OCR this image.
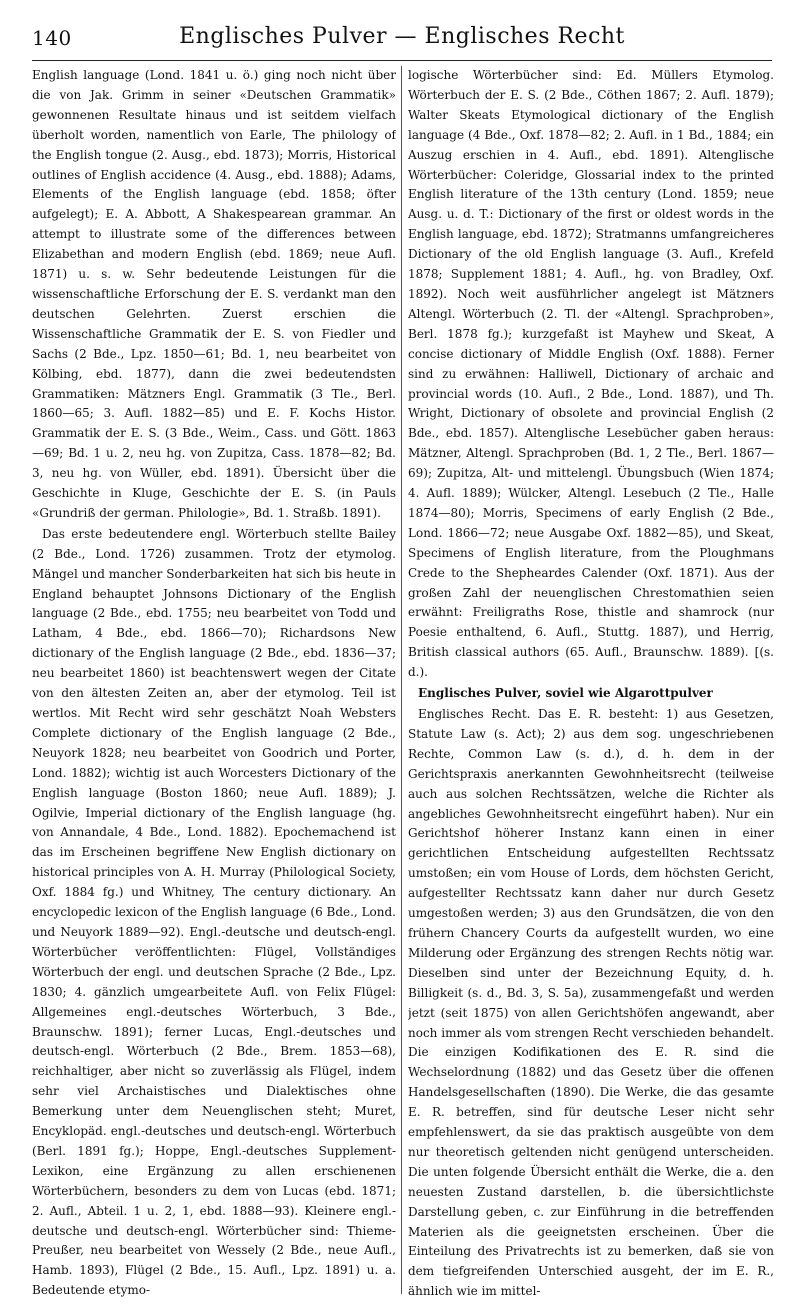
140	Englisches Pulver — Englisches Recht

English language (Lond. 1841 u. ö.) ging noch nicht über die von Jak. Grimm in seiner «Deutschen Grammatik» gewonnenen Resultate hinaus und ist seitdem vielfach überholt worden, namentlich von Earle, The philology of the English tongue (2. Ausg., ebd. 1873); Morris, Historical outlines of English accidence (4. Ausg., ebd. 1888); Adams, Elements of the English language (ebd. 1858; öfter aufgelegt); E. A. Abbott, A Shakespearean grammar. An attempt to illustrate some of the differences between Elizabethan and modern English (ebd. 1869; neue Aufl. 1871) u. s. w. Sehr bedeutende Leistungen für die wissenschaftliche Erforschung der E. S. verdankt man den deutschen Gelehrten. Zuerst erschien die Wissenschaftliche Grammatik der E. S. von Fiedler und Sachs (2 Bde., Lpz. 1850—61; Bd. 1, neu bearbeitet von Kölbing, ebd. 1877), dann die zwei bedeutendsten Grammatiken: Mätzners Engl. Grammatik (3 Tle., Berl. 1860—65; 3. Aufl. 1882—85) und E. F. Kochs Histor. Grammatik der E. S. (3 Bde., Weim., Cass. und Gött. 1863—69; Bd. 1 u. 2, neu hg. von Zupitza, Cass. 1878—82; Bd. 3, neu hg. von Wüller, ebd. 1891). Übersicht über die Geschichte in Kluge, Geschichte der E. S. (in Pauls «Grundriß der german. Philologie», Bd. 1. Straßb. 1891).

Das erste bedeutendere engl. Wörterbuch stellte Bailey (2 Bde., Lond. 1726) zusammen. Trotz der etymolog. Mängel und mancher Sonderbarkeiten hat sich bis heute in England behauptet Johnsons Dictionary of the English language (2 Bde., ebd. 1755; neu bearbeitet von Todd und Latham, 4 Bde., ebd. 1866—70); Richardsons New dictionary of the English language (2 Bde., ebd. 1836—37; neu bearbeitet 1860) ist beachtenswert wegen der Citate von den ältesten Zeiten an, aber der etymolog. Teil ist wertlos. Mit Recht wird sehr geschätzt Noah Websters Complete dictionary of the English language (2 Bde., Neuyork 1828; neu bearbeitet von Goodrich und Porter, Lond. 1882); wichtig ist auch Worcesters Dictionary of the English language (Boston 1860; neue Aufl. 1889); J. Ogilvie, Imperial dictionary of the English language (hg. von Annandale, 4 Bde., Lond. 1882). Epochemachend ist das im Erscheinen begriffene New English dictionary on historical principles von A. H. Murray (Philological Society, Oxf. 1884 fg.) und Whitney, The century dictionary. An encyclopedic lexicon of the English language (6 Bde., Lond. und Neuyork 1889—92). Engl.-deutsche und deutsch-engl. Wörterbücher veröffentlichten: Flügel, Vollständiges Wörterbuch der engl. und deutschen Sprache (2 Bde., Lpz. 1830; 4. gänzlich umgearbeitete Aufl. von Felix Flügel: Allgemeines engl.-deutsches Wörterbuch, 3 Bde., Braunschw. 1891); ferner Lucas, Engl.-deutsches und deutsch-engl. Wörterbuch (2 Bde., Brem. 1853—68), reichhaltiger, aber nicht so zuverlässig als Flügel, indem sehr viel Archaistisches und Dialektisches ohne Bemerkung unter dem Neuenglischen steht; Muret, Encyklopäd. engl.-deutsches und deutsch-engl. Wörterbuch (Berl. 1891 fg.); Hoppe, Engl.-deutsches Supplement-Lexikon, eine Ergänzung zu allen erschienenen Wörterbüchern, besonders zu dem von Lucas (ebd. 1871; 2. Aufl., Abteil. 1 u. 2, 1, ebd. 1888—93). Kleinere engl.-deutsche und deutsch-engl. Wörterbücher sind: Thieme-Preußer, neu bearbeitet von Wessely (2 Bde., neue Aufl., Hamb. 1893), Flügel (2 Bde., 15. Aufl., Lpz. 1891) u. a. Bedeutende etymo-

logische Wörterbücher sind: Ed. Müllers Etymolog. Wörterbuch der E. S. (2 Bde., Cöthen 1867; 2. Aufl. 1879); Walter Skeats Etymological dictionary of the English language (4 Bde., Oxf. 1878—82; 2. Aufl. in 1 Bd., 1884; ein Auszug erschien in 4. Aufl., ebd. 1891). Altenglische Wörterbücher: Coleridge, Glossarial index to the printed English literature of the 13th century (Lond. 1859; neue Ausg. u. d. T.: Dictionary of the first or oldest words in the English language, ebd. 1872); Stratmanns umfangreicheres Dictionary of the old English language (3. Aufl., Krefeld 1878; Supplement 1881; 4. Aufl., hg. von Bradley, Oxf. 1892). Noch weit ausführlicher angelegt ist Mätzners Altengl. Wörterbuch (2. Tl. der «Altengl. Sprachproben», Berl. 1878 fg.); kurzgefaßt ist Mayhew und Skeat, A concise dictionary of Middle English (Oxf. 1888). Ferner sind zu erwähnen: Halliwell, Dictionary of archaic and provincial words (10. Aufl., 2 Bde., Lond. 1887), und Th. Wright, Dictionary of obsolete and provincial English (2 Bde., ebd. 1857). Altenglische Lesebücher gaben heraus: Mätzner, Altengl. Sprachproben (Bd. 1, 2 Tle., Berl. 1867—69); Zupitza, Alt- und mittelengl. Übungsbuch (Wien 1874; 4. Aufl. 1889); Wülcker, Altengl. Lesebuch (2 Tle., Halle 1874—80); Morris, Specimens of early English (2 Bde., Lond. 1866—72; neue Ausgabe Oxf. 1882—85), und Skeat, Specimens of English literature, from the Ploughmans Crede to the Shepheardes Calender (Oxf. 1871). Aus der großen Zahl der neuenglischen Chrestomathien seien erwähnt: Freiligraths Rose, thistle and shamrock (nur Poesie enthaltend, 6. Aufl., Stuttg. 1887), und Herrig, British classical authors (65. Aufl., Braunschw. 1889). [(s. d.).

Englisches Pulver, soviel wie Algarottpulver

Englisches Recht. Das E. R. besteht: 1) aus Gesetzen, Statute Law (s. Act); 2) aus dem sog. ungeschriebenen Rechte, Common Law (s. d.), d. h. dem in der Gerichtspraxis anerkannten Gewohnheitsrecht (teilweise auch aus solchen Rechtssätzen, welche die Richter als angebliches Gewohnheitsrecht eingeführt haben). Nur ein Gerichtshof höherer Instanz kann einen in einer gerichtlichen Entscheidung aufgestellten Rechtssatz umstoßen; ein vom House of Lords, dem höchsten Gericht, aufgestellter Rechtssatz kann daher nur durch Gesetz umgestoßen werden; 3) aus den Grundsätzen, die von den frühern Chancery Courts da aufgestellt wurden, wo eine Milderung oder Ergänzung des strengen Rechts nötig war. Dieselben sind unter der Bezeichnung Equity, d. h. Billigkeit (s. d., Bd. 3, S. 5a), zusammengefaßt und werden jetzt (seit 1875) von allen Gerichtshöfen angewandt, aber noch immer als vom strengen Recht verschieden behandelt. Die einzigen Kodifikationen des E. R. sind die Wechselordnung (1882) und das Gesetz über die offenen Handelsgesellschaften (1890). Die Werke, die das gesamte E. R. betreffen, sind für deutsche Leser nicht sehr empfehlenswert, da sie das praktisch ausgeübte von dem nur theoretisch geltenden nicht genügend unterscheiden. Die unten folgende Übersicht enthält die Werke, die a. den neuesten Zustand darstellen, b. die übersichtlichste Darstellung geben, c. zur Einführung in die betreffenden Materien als die geeignetsten erscheinen. Über die Einteilung des Privatrechts ist zu bemerken, daß sie von dem tiefgreifenden Unterschied ausgeht, der im E. R., ähnlich wie im mittel-
